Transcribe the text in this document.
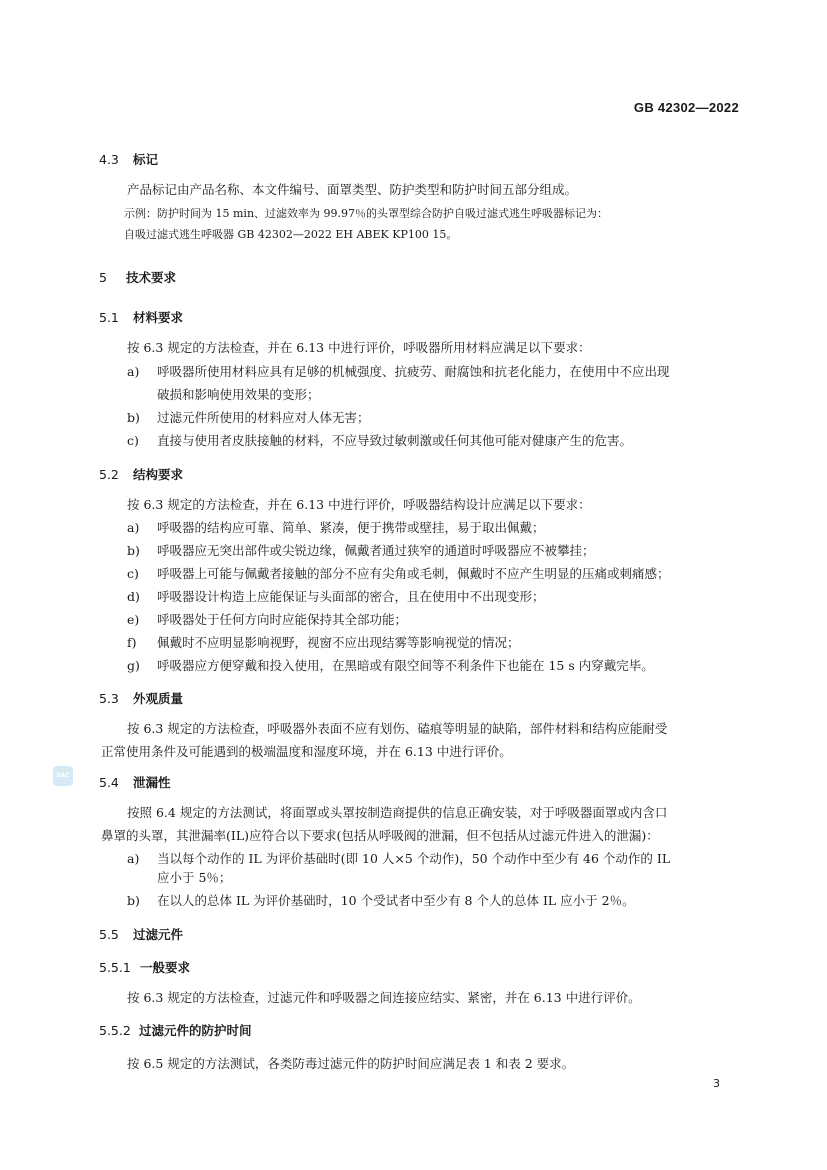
GB 42302—2022
4.3 标记
产品标记由产品名称、本文件编号、面罩类型、防护类型和防护时间五部分组成。
示例：防护时间为 15 min、过滤效率为 99.97％的头罩型综合防护自吸过滤式逃生呼吸器标记为：
自吸过滤式逃生呼吸器 GB 42302—2022 EH ABEK KP100 15。
5 技术要求
5.1 材料要求
按 6.3 规定的方法检查，并在 6.13 中进行评价，呼吸器所用材料应满足以下要求：
a) 呼吸器所使用材料应具有足够的机械强度、抗疲劳、耐腐蚀和抗老化能力，在使用中不应出现
破损和影响使用效果的变形；
b) 过滤元件所使用的材料应对人体无害；
c) 直接与使用者皮肤接触的材料，不应导致过敏刺激或任何其他可能对健康产生的危害。
5.2 结构要求
按 6.3 规定的方法检查，并在 6.13 中进行评价，呼吸器结构设计应满足以下要求：
a) 呼吸器的结构应可靠、简单、紧凑，便于携带或壁挂，易于取出佩戴；
b) 呼吸器应无突出部件或尖锐边缘，佩戴者通过狭窄的通道时呼吸器应不被攀挂；
c) 呼吸器上可能与佩戴者接触的部分不应有尖角或毛刺，佩戴时不应产生明显的压痛或刺痛感；
d) 呼吸器设计构造上应能保证与头面部的密合，且在使用中不出现变形；
e) 呼吸器处于任何方向时应能保持其全部功能；
f) 佩戴时不应明显影响视野，视窗不应出现结雾等影响视觉的情况；
g) 呼吸器应方便穿戴和投入使用，在黑暗或有限空间等不利条件下也能在 15 s 内穿戴完毕。
5.3 外观质量
按 6.3 规定的方法检查，呼吸器外表面不应有划伤、磕痕等明显的缺陷，部件材料和结构应能耐受
正常使用条件及可能遇到的极端温度和湿度环境，并在 6.13 中进行评价。
SAC 5.4 泄漏性
按照 6.4 规定的方法测试，将面罩或头罩按制造商提供的信息正确安装，对于呼吸器面罩或内含口
鼻罩的头罩，其泄漏率(IL)应符合以下要求(包括从呼吸阀的泄漏，但不包括从过滤元件进入的泄漏)：
a) 当以每个动作的 IL 为评价基础时(即 10 人×5 个动作)，50 个动作中至少有 46 个动作的 IL
应小于 5％；
b) 在以人的总体 IL 为评价基础时，10 个受试者中至少有 8 个人的总体 IL 应小于 2％。
5.5 过滤元件
5.5.1 一般要求
按 6.3 规定的方法检查，过滤元件和呼吸器之间连接应结实、紧密，并在 6.13 中进行评价。
5.5.2 过滤元件的防护时间
按 6.5 规定的方法测试，各类防毒过滤元件的防护时间应满足表 1 和表 2 要求。
3
